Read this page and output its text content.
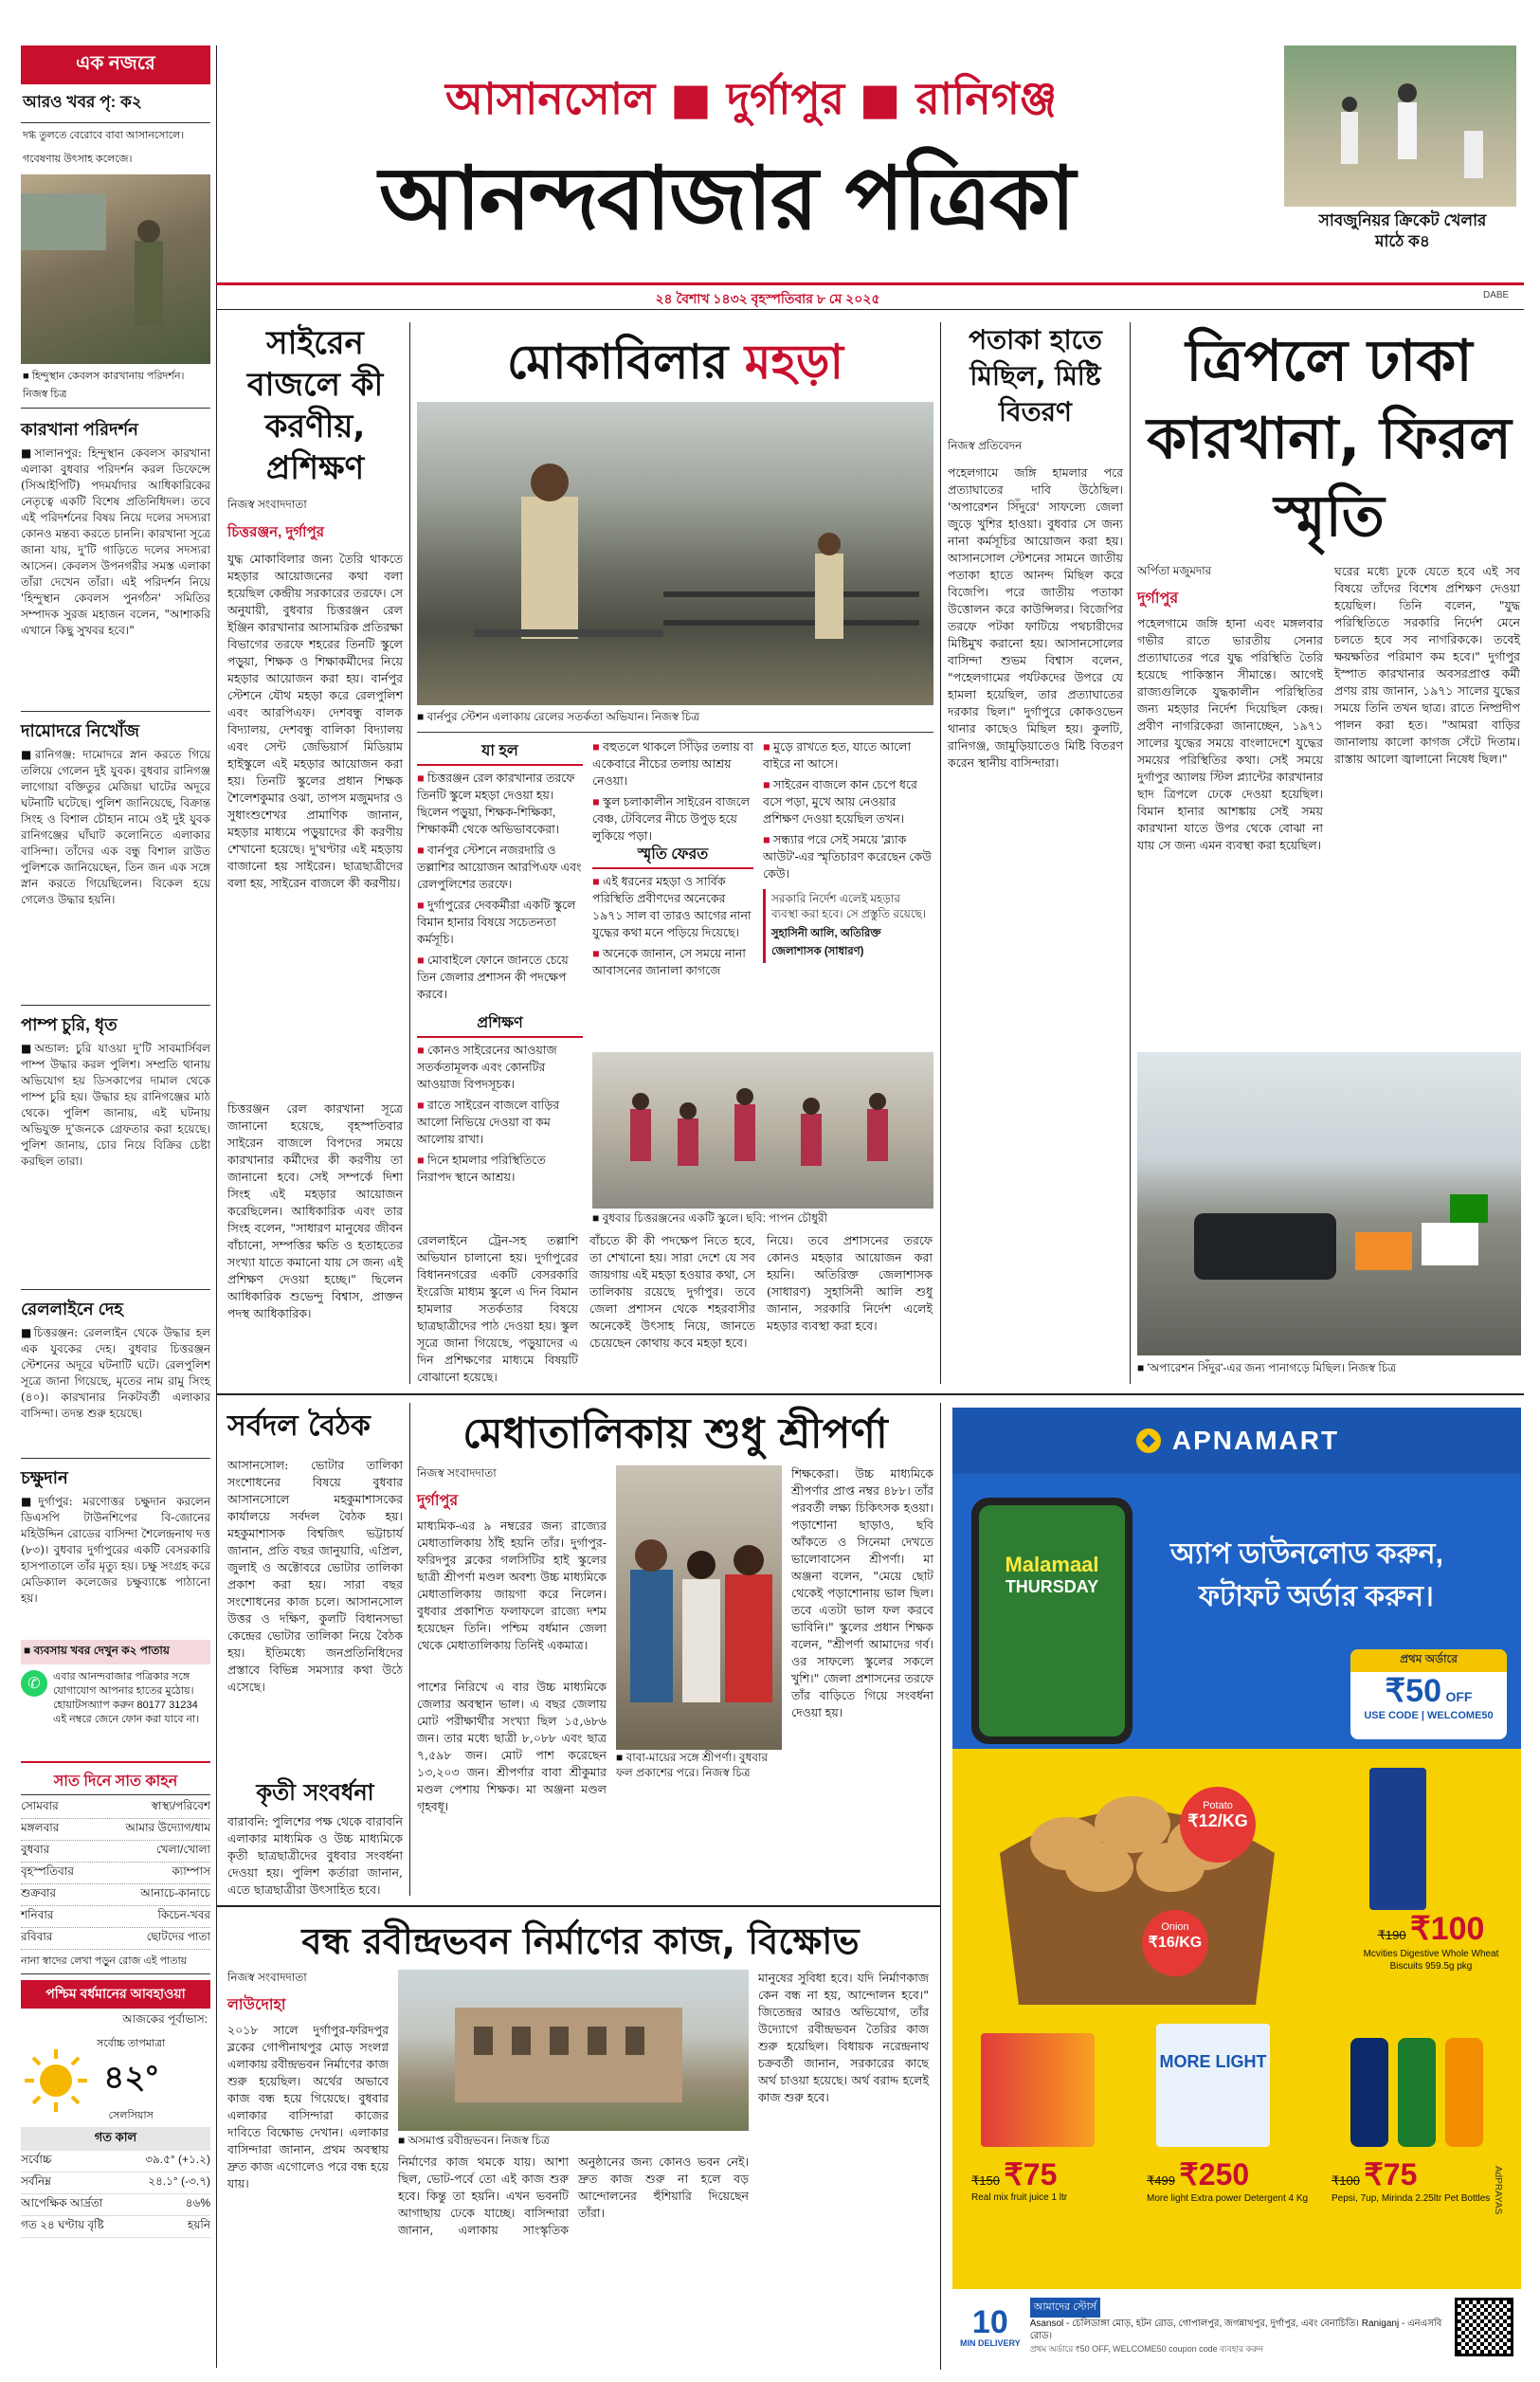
এক নজরে
আরও খবর পৃ: ক২
দগ্ধ তুলতে বেরোবে বাবা আসানসোলে।
গবেষণায় উৎসাহ কলেজে।
■ হিন্দুস্থান কেবলস কারখানায় পরিদর্শন। নিজস্ব চিত্র
কারখানা পরিদর্শন
■সালানপুর: হিন্দুস্থান কেবলস কারখানা এলাকা বুধবার পরিদর্শন করল ডিফেন্সে (সিআইপিটি) পদমর্যাদার আধিকারিকের নেতৃত্বে একটি বিশেষ প্রতিনিধিদল। তবে এই পরিদর্শনের বিষয় নিয়ে দলের সদস্যরা কোনও মন্তব্য করতে চাননি। কারখানা সূত্রে জানা যায়, দু'টি গাড়িতে দলের সদস্যরা আসেন। কেবলস উপনগরীর সমস্ত এলাকা তাঁরা দেখেন তাঁরা। এই পরিদর্শন নিয়ে 'হিন্দুস্থান কেবলস পুনর্গঠন' সমিতির সম্পাদক সুরজ মহাজন বলেন, "আশাকরি এখানে কিছু সুখবর হবে।"
দামোদরে নিখোঁজ
■রানিগঞ্জ: দামোদরে স্নান করতে গিয়ে তলিয়ে গেলেন দুই যুবক। বুধবার রানিগঞ্জ লাগোয়া বক্তিতুর মেজিয়া ঘাটের অদূরে ঘটনাটি ঘটেছে। পুলিশ জানিয়েছে, বিক্রান্ত সিংহ ও বিশাল চৌহান নামে ওই দুই যুবক রানিগঞ্জের ঘাঁঘাট কলোনিতে এলাকার বাসিন্দা। তাঁদের এক বন্ধু বিশাল রাউত পুলিশকে জানিয়েছেন, তিন জন এক সঙ্গে স্নান করতে গিয়েছিলেন। বিকেল হয়ে গেলেও উদ্ধার হয়নি।
পাম্প চুরি, ধৃত
■অন্ডাল: চুরি যাওয়া দু'টি সাবমার্সিবল পাম্প উদ্ধার করল পুলিশ। সম্প্রতি থানায় অভিযোগ হয় ডিসকাপের দামাল থেকে পাম্প চুরি হয়। উদ্ধার হয় রানিগঞ্জের মাঠ থেকে। পুলিশ জানায়, এই ঘটনায় অভিযুক্ত দু'জনকে গ্রেফতার করা হয়েছে। পুলিশ জানায়, চোর নিয়ে বিক্রির চেষ্টা করছিল তারা।
রেললাইনে দেহ
■চিত্তরঞ্জন: রেললাইন থেকে উদ্ধার হল এক যুবকের দেহ। বুধবার চিত্তরঞ্জন স্টেশনের অদূরে ঘটনাটি ঘটে। রেলপুলিশ সূত্রে জানা গিয়েছে, মৃতের নাম রামু সিংহ (৪০)। কারখানার নিকটবর্তী এলাকার বাসিন্দা। তদন্ত শুরু হয়েছে।
চক্ষুদান
■দুর্গাপুর: মরণোত্তর চক্ষুদান করলেন ডিএসপি টাউনশিপের বি-জোনের মহিউদ্দিন রোডের বাসিন্দা শৈলেন্দ্রনাথ দত্ত (৮৩)। বুধবার দুর্গাপুরের একটি বেসরকারি হাসপাতালে তাঁর মৃত্যু হয়। চক্ষু সংগ্রহ করে মেডিক্যাল কলেজের চক্ষুব্যাঙ্কে পাঠানো হয়।
■ ব্যবসায় খবর দেখুন ক২ পাতায়
✆	এবার আনন্দবাজার পত্রিকার সঙ্গে যোগাযোগ আপনার হাতের মুঠোয়। হোয়াটসঅ্যাপ করুন 80177 31234 এই নম্বরে জেনে ফোন করা যাবে না।
সাত দিনে সাত কাহন
সোমবার	স্বাস্থ্য/পরিবেশ
মঙ্গলবার	আমার উদ্যোগ/ধাম
বুধবার	খেলা/খোলা
বৃহস্পতিবার	ক্যাম্পাস
শুক্রবার	আনাচে-কানাচে
শনিবার	কিচেন-খবর
রবিবার	ছোটদের পাতা
নানা স্বাদের লেখা পড়ুন রোজ এই পাতায়
পশ্চিম বর্ধমানের আবহাওয়া
আজকের পূর্বাভাস:
সর্বোচ্চ তাপমাত্রা
৪২°
সেলসিয়াস
গত কাল
সর্বোচ্চ	৩৯.৫° (+১.২)
সর্বনিম্ন	২৪.১° (-৩.৭)
আপেক্ষিক আর্দ্রতা	৪৬%
গত ২৪ ঘণ্টায় বৃষ্টি	হয়নি
আসানসোল ■ দুর্গাপুর ■ রানিগঞ্জ
আনন্দবাজার পত্রিকা
২৪ বৈশাখ ১৪৩২ বৃহস্পতিবার ৮ মে ২০২৫	DABE
সাবজুনিয়র ক্রিকেট খেলার মাঠে ক৪
সাইরেন বাজলে কী করণীয়, প্রশিক্ষণ
নিজস্ব সংবাদদাতা
চিত্তরঞ্জন, দুর্গাপুর
যুদ্ধ মোকাবিলার জন্য তৈরি থাকতে মহড়ার আয়োজনের কথা বলা হয়েছিল কেন্দ্রীয় সরকারের তরফে। সে অনুযায়ী, বুধবার চিত্তরঞ্জন রেল ইঞ্জিন কারখানার আসামরিক প্রতিরক্ষা বিভাগের তরফে শহরের তিনটি স্কুলে পড়ুয়া, শিক্ষক ও শিক্ষাকর্মীদের নিয়ে মহড়ার আয়োজন করা হয়। বার্নপুর স্টেশনে যৌথ মহড়া করে রেলপুলিশ এবং আরপিএফ। দেশবন্ধু বালক বিদ্যালয়, দেশবন্ধু বালিকা বিদ্যালয় এবং সেন্ট জেভিয়ার্স মিডিয়াম হাইস্কুলে এই মহড়ার আয়োজন করা হয়। তিনটি স্কুলের প্রধান শিক্ষক শৈলেশকুমার ওঝা, তাপস মজুমদার ও সুধাংশুশেখর প্রামাণিক জানান, মহড়ার মাধ্যমে পড়ুয়াদের কী করণীয় শেখানো হয়েছে। দু'ঘণ্টার এই মহড়ায় বাজানো হয় সাইরেন। ছাত্রছাত্রীদের বলা হয়, সাইরেন বাজলে কী করণীয়।
চিত্তরঞ্জন রেল কারখানা সূত্রে জানানো হয়েছে, বৃহস্পতিবার সাইরেন বাজলে বিপদের সময়ে কারখানার কর্মীদের কী করণীয় তা জানানো হবে। সেই সম্পর্কে দিশা সিংহ এই মহড়ার আয়োজন করেছিলেন। আধিকারিক এবং তার সিংহ বলেন, "সাধারণ মানুষের জীবন বাঁচানো, সম্পত্তির ক্ষতি ও হতাহতের সংখ্যা যাতে কমানো যায় সে জন্য এই প্রশিক্ষণ দেওয়া হচ্ছে।" ছিলেন আধিকারিক শুভেন্দু বিশ্বাস, প্রাক্তন পদস্থ আধিকারিক।
মোকাবিলার মহড়া
■ বার্নপুর স্টেশন এলাকায় রেলের সতর্কতা অভিযান। নিজস্ব চিত্র
যা হল
■ চিত্তরঞ্জন রেল কারখানার তরফে তিনটি স্কুলে মহড়া দেওয়া হয়। ছিলেন পড়ুয়া, শিক্ষক-শিক্ষিকা, শিক্ষাকর্মী থেকে অভিভাবকেরা।
■ বার্নপুর স্টেশনে নজরদারি ও তল্লাশির আয়োজন আরপিএফ এবং রেলপুলিশের তরফে।
■ দুর্গাপুরের দেবকর্মীরা একটি স্কুলে বিমান হানার বিষয়ে সচেতনতা কর্মসূচি।
■ মোবাইলে ফোনে জানতে চেয়ে তিন জেলার প্রশাসন কী পদক্ষেপ করবে।
প্রশিক্ষণ
■ কোনও সাইরেনের আওয়াজ সতর্কতামূলক এবং কোনটির আওয়াজ বিপদসূচক।
■ রাতে সাইরেন বাজলে বাড়ির আলো নিভিয়ে দেওয়া বা কম আলোয় রাখা।
■ দিনে হামলার পরিস্থিতিতে নিরাপদ স্থানে আশ্রয়।
■ বহুতলে থাকলে সিঁড়ির তলায় বা একেবারে নীচের তলায় আশ্রয় নেওয়া।
■ স্কুল চলাকালীন সাইরেন বাজলে বেঞ্চ, টেবিলের নীচে উপুড় হয়ে লুকিয়ে পড়া।
স্মৃতি ফেরত
■ এই ধরনের মহড়া ও সার্বিক পরিস্থিতি প্রবীণদের অনেকের ১৯৭১ সাল বা তারও আগের নানা যুদ্ধের কথা মনে পড়িয়ে দিয়েছে।
■ অনেকে জানান, সে সময়ে নানা আবাসনের জানালা কাগজে
■ মুড়ে রাখতে হত, যাতে আলো বাইরে না আসে।
■ সাইরেন বাজলে কান চেপে ধরে বসে পড়া, মুখে আয় নেওয়ার প্রশিক্ষণ দেওয়া হয়েছিল তখন।
■ সন্ধ্যার পরে সেই সময়ে 'ব্ল্যাক আউট'-এর স্মৃতিচারণ করেছেন কেউ কেউ।
সরকারি নির্দেশ এলেই মহড়ার ব্যবস্থা করা হবে। সে প্রস্তুতি রয়েছে।
সুহাসিনী আলি, অতিরিক্ত জেলাশাসক (সাধারণ)
■ বুধবার চিত্তরঞ্জনের একটি স্কুলে। ছবি: পাপন চৌধুরী
রেললাইনে ট্রেন-সহ তল্লাশি অভিযান চালানো হয়। দুর্গাপুরের বিধাননগরের একটি বেসরকারি ইংরেজি মাধ্যম স্কুলে এ দিন বিমান হামলার সতর্কতার বিষয়ে ছাত্রছাত্রীদের পাঠ দেওয়া হয়। স্কুল সূত্রে জানা গিয়েছে, পড়ুয়াদের এ দিন প্রশিক্ষণের মাধ্যমে বিষয়টি বোঝানো হয়েছে।
বাঁচতে কী কী পদক্ষেপ নিতে হবে, তা শেখানো হয়। সারা দেশে যে সব জায়গায় এই মহড়া হওয়ার কথা, সে তালিকায় রয়েছে দুর্গাপুর। তবে জেলা প্রশাসন থেকে শহরবাসীর অনেকেই উৎসাহ নিয়ে, জানতে চেয়েছেন কোথায় কবে মহড়া হবে।
নিয়ে। তবে প্রশাসনের তরফে কোনও মহড়ার আয়োজন করা হয়নি। অতিরিক্ত জেলাশাসক (সাধারণ) সুহাসিনী আলি শুধু জানান, সরকারি নির্দেশ এলেই মহড়ার ব্যবস্থা করা হবে।
পতাকা হাতে মিছিল, মিষ্টি বিতরণ
নিজস্ব প্রতিবেদন
পহেলগামে জঙ্গি হামলার পরে প্রত্যাঘাতের দাবি উঠেছিল। 'অপারেশন সিঁদুরে' সাফল্যে জেলা জুড়ে খুশির হাওয়া। বুধবার সে জন্য নানা কর্মসূচির আয়োজন করা হয়। আসানসোল স্টেশনের সামনে জাতীয় পতাকা হাতে আনন্দ মিছিল করে বিজেপি। পরে জাতীয় পতাকা উত্তোলন করে কাউন্সিলর। বিজেপির তরফে পটকা ফাটিয়ে পথচারীদের মিষ্টিমুখ করানো হয়। আসানসোলের বাসিন্দা শুভম বিশ্বাস বলেন, "পহেলগামের পর্যটকদের উপরে যে হামলা হয়েছিল, তার প্রত্যাঘাতের দরকার ছিল।" দুর্গাপুরে কোকওভেন থানার কাছেও মিছিল হয়। কুলটি, রানিগঞ্জ, জামুড়িয়াতেও মিষ্টি বিতরণ করেন স্থানীয় বাসিন্দারা।
ত্রিপলে ঢাকা কারখানা, ফিরল স্মৃতি
অর্পিতা মজুমদার
দুর্গাপুর
পহেলগামে জঙ্গি হানা এবং মঙ্গলবার গভীর রাতে ভারতীয় সেনার প্রত্যাঘাতের পরে যুদ্ধ পরিস্থিতি তৈরি হয়েছে পাকিস্তান সীমান্তে। আগেই রাজ্যগুলিকে যুদ্ধকালীন পরিস্থিতির জন্য মহড়ার নির্দেশ দিয়েছিল কেন্দ্র। প্রবীণ নাগরিকেরা জানাচ্ছেন, ১৯৭১ সালের যুদ্ধের সময়ে বাংলাদেশে যুদ্ধের সময়ের পরিস্থিতির কথা। সেই সময়ে দুর্গাপুর অ্যালয় স্টিল প্ল্যান্টের কারখানার ছাদ ত্রিপলে ঢেকে দেওয়া হয়েছিল। বিমান হানার আশঙ্কায় সেই সময় কারখানা যাতে উপর থেকে বোঝা না যায় সে জন্য এমন ব্যবস্থা করা হয়েছিল।
ঘরের মধ্যে ঢুকে যেতে হবে এই সব বিষয়ে তাঁদের বিশেষ প্রশিক্ষণ দেওয়া হয়েছিল। তিনি বলেন, "যুদ্ধ পরিস্থিতিতে সরকারি নির্দেশ মেনে চলতে হবে সব নাগরিককে। তবেই ক্ষয়ক্ষতির পরিমাণ কম হবে।" দুর্গাপুর ইস্পাত কারখানার অবসরপ্রাপ্ত কর্মী প্রণয় রায় জানান, ১৯৭১ সালের যুদ্ধের সময়ে তিনি তখন ছাত্র। রাতে নিষ্প্রদীপ পালন করা হত। "আমরা বাড়ির জানালায় কালো কাগজ সেঁটে দিতাম। রাস্তায় আলো জ্বালানো নিষেধ ছিল।"
■ 'অপারেশন সিঁদুর'-এর জন্য পানাগড়ে মিছিল। নিজস্ব চিত্র
সর্বদল বৈঠক
আসানসোল: ভোটার তালিকা সংশোধনের বিষয়ে বুধবার আসানসোলে মহকুমাশাসকের কার্যালয়ে সর্বদল বৈঠক হয়। মহকুমাশাসক বিশ্বজিৎ ভট্টাচার্য জানান, প্রতি বছর জানুয়ারি, এপ্রিল, জুলাই ও অক্টোবরে ভোটার তালিকা প্রকাশ করা হয়। সারা বছর সংশোধনের কাজ চলে। আসানসোল উত্তর ও দক্ষিণ, কুলটি বিধানসভা কেন্দ্রের ভোটার তালিকা নিয়ে বৈঠক হয়। ইতিমধ্যে জনপ্রতিনিধিদের প্রস্তাবে বিভিন্ন সমস্যার কথা উঠে এসেছে।
কৃতী সংবর্ধনা
বারাবনি: পুলিশের পক্ষ থেকে বারাবনি এলাকার মাধ্যমিক ও উচ্চ মাধ্যমিকে কৃতী ছাত্রছাত্রীদের বুধবার সংবর্ধনা দেওয়া হয়। পুলিশ কর্তারা জানান, এতে ছাত্রছাত্রীরা উৎসাহিত হবে।
মেধাতালিকায় শুধু শ্রীপর্ণা
নিজস্ব সংবাদদাতা
দুর্গাপুর
মাধ্যমিক-এর ৯ নম্বরের জন্য রাজ্যের মেধাতালিকায় ঠাঁই হয়নি তাঁর। দুর্গাপুর-ফরিদপুর ব্লকের গলসিটির হাই স্কুলের ছাত্রী শ্রীপর্ণা মণ্ডল অবশ্য উচ্চ মাধ্যমিকে মেধাতালিকায় জায়গা করে নিলেন। বুধবার প্রকাশিত ফলাফলে রাজ্যে দশম হয়েছেন তিনি। পশ্চিম বর্ধমান জেলা থেকে মেধাতালিকায় তিনিই একমাত্র।
পাশের নিরিখে এ বার উচ্চ মাধ্যমিকে জেলার অবস্থান ভাল। এ বছর জেলায় মোট পরীক্ষার্থীর সংখ্যা ছিল ১৫,৬৮৬ জন। তার মধ্যে ছাত্রী ৮,০৮৮ এবং ছাত্র ৭,৫৯৮ জন। মোট পাশ করেছেন ১৩,২০৩ জন। শ্রীপর্ণার বাবা শ্রীকুমার মণ্ডল পেশায় শিক্ষক। মা অঞ্জনা মণ্ডল গৃহবধূ।
■ বাবা-মায়ের সঙ্গে শ্রীপর্ণা। বুধবার ফল প্রকাশের পরে। নিজস্ব চিত্র
শিক্ষকেরা। উচ্চ মাধ্যমিকে শ্রীপর্ণার প্রাপ্ত নম্বর ৪৮৮। তাঁর পরবর্তী লক্ষ্য চিকিৎসক হওয়া। পড়াশোনা ছাড়াও, ছবি আঁকতে ও সিনেমা দেখতে ভালোবাসেন শ্রীপর্ণা। মা অঞ্জনা বলেন, "মেয়ে ছোট থেকেই পড়াশোনায় ভাল ছিল। তবে এতটা ভাল ফল করবে ভাবিনি।" স্কুলের প্রধান শিক্ষক বলেন, "শ্রীপর্ণা আমাদের গর্ব। ওর সাফল্যে স্কুলের সকলে খুশি।" জেলা প্রশাসনের তরফে তাঁর বাড়িতে গিয়ে সংবর্ধনা দেওয়া হয়।
বন্ধ রবীন্দ্রভবন নির্মাণের কাজ, বিক্ষোভ
নিজস্ব সংবাদদাতা
লাউদোহা
২০১৮ সালে দুর্গাপুর-ফরিদপুর ব্লকের গোপীনাথপুর মোড় সংলগ্ন এলাকায় রবীন্দ্রভবন নির্মাণের কাজ শুরু হয়েছিল। অর্থের অভাবে কাজ বন্ধ হয়ে গিয়েছে। বুধবার এলাকার বাসিন্দারা কাজের দাবিতে বিক্ষোভ দেখান। এলাকার বাসিন্দারা জানান, প্রথম অবস্থায় দ্রুত কাজ এগোলেও পরে বন্ধ হয়ে যায়।
■ অসমাপ্ত রবীন্দ্রভবন। নিজস্ব চিত্র
নির্মাণের কাজ থমকে যায়। আশা ছিল, ভোট-পর্বে তো এই কাজ শুরু হবে। কিন্তু তা হয়নি। এখন ভবনটি আগাছায় ঢেকে যাচ্ছে। বাসিন্দারা জানান, এলাকায় সাংস্কৃতিক অনুষ্ঠানের জন্য কোনও ভবন নেই। দ্রুত কাজ শুরু না হলে বড় আন্দোলনের হুঁশিয়ারি দিয়েছেন তাঁরা।
মানুষের সুবিধা হবে। যদি নির্মাণকাজ কেন বন্ধ না হয়, আন্দোলন হবে।" জিতেন্দ্রর আরও অভিযোগ, তাঁর উদ্যোগে রবীন্দ্রভবন তৈরির কাজ শুরু হয়েছিল। বিধায়ক নরেন্দ্রনাথ চক্রবর্তী জানান, সরকারের কাছে অর্থ চাওয়া হয়েছে। অর্থ বরাদ্দ হলেই কাজ শুরু হবে।
APNAMART
অ্যাপ ডাউনলোড করুন,
ফটাফট অর্ডার করুন।
Malamaal
THURSDAY
প্রথম অর্ডারে
₹50 OFF
USE CODE | WELCOME50
Potato
₹12/KG
Onion
₹16/KG	₹190 ₹100
Mcvities Digestive Whole Wheat Biscuits 959.5g pkg
₹150 ₹75
Real mix fruit juice 1 ltr
MORE LIGHT
₹499 ₹250
More light Extra power Detergent 4 Kg
₹100 ₹75
Pepsi, 7up, Mirinda 2.25ltr Pet Bottles AdPRAYAS
10
MIN DELIVERY
আমাদের স্টোর্স
Asansol - চেলিডাঙ্গা মোড়, হটন রোড, গোপালপুর, জগন্নাথপুর, দুর্গাপুর, এবং বেনাচিতি। Raniganj - এনএসবি রোড।
প্রথম অর্ডারে ₹50 OFF, WELCOME50 coupon code ব্যবহার করুন
